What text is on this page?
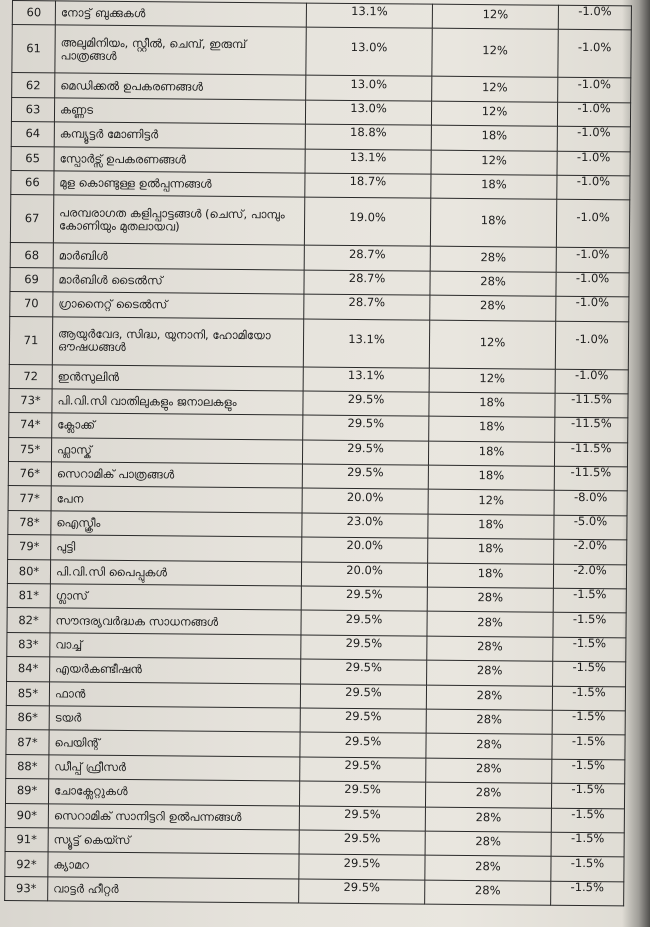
60	നോട്ട് ബുക്കുകൾ	13.1%	12%	-1.0%
61	അലുമിനിയം, സ്റ്റീൽ, ചെമ്പ്, ഇരുമ്പ് പാത്രങ്ങൾ	13.0%	12%	-1.0%
62	മെഡിക്കൽ ഉപകരണങ്ങൾ	13.0%	12%	-1.0%
63	കണ്ണട	13.0%	12%	-1.0%
64	കമ്പ്യൂട്ടർ മോണിട്ടർ	18.8%	18%	-1.0%
65	സ്പോർട്സ് ഉപകരണങ്ങൾ	13.1%	12%	-1.0%
66	മുള കൊണ്ടുള്ള ഉൽപ്പന്നങ്ങൾ	18.7%	18%	-1.0%
67	പരമ്പരാഗത കളിപ്പാട്ടങ്ങൾ (ചെസ്, പാമ്പും കോണിയും മുതലായവ)	19.0%	18%	-1.0%
68	മാർബിൾ	28.7%	28%	-1.0%
69	മാർബിൾ ടൈൽസ്	28.7%	28%	-1.0%
70	ഗ്രാനൈറ്റ് ടൈൽസ്	28.7%	28%	-1.0%
71	ആയുർവേദ, സിദ്ധ, യുനാനി, ഹോമിയോ ഔഷധങ്ങൾ	13.1%	12%	-1.0%
72	ഇൻസുലിൻ	13.1%	12%	-1.0%
73*	പി.വി.സി വാതിലുകളും ജനാലകളും	29.5%	18%	-11.5%
74*	ക്ലോക്ക്	29.5%	18%	-11.5%
75*	ഫ്ലാസ്ക്	29.5%	18%	-11.5%
76*	സെറാമിക് പാത്രങ്ങൾ	29.5%	18%	-11.5%
77*	പേന	20.0%	12%	-8.0%
78*	ഐസ്ക്രീം	23.0%	18%	-5.0%
79*	പുട്ടി	20.0%	18%	-2.0%
80*	പി.വി.സി പൈപ്പുകൾ	20.0%	18%	-2.0%
81*	ഗ്ലാസ്	29.5%	28%	-1.5%
82*	സൗന്ദര്യവർദ്ധക സാധനങ്ങൾ	29.5%	28%	-1.5%
83*	വാച്ച്	29.5%	28%	-1.5%
84*	എയർകണ്ടീഷൻ	29.5%	28%	-1.5%
85*	ഫാൻ	29.5%	28%	-1.5%
86*	ടയർ	29.5%	28%	-1.5%
87*	പെയിന്റ്	29.5%	28%	-1.5%
88*	ഡീപ്പ് ഫ്രീസർ	29.5%	28%	-1.5%
89*	ചോക്ലേറ്റുകൾ	29.5%	28%	-1.5%
90*	സെറാമിക് സാനിട്ടറി ഉൽപന്നങ്ങൾ	29.5%	28%	-1.5%
91*	സ്യൂട്ട് കെയ്സ്	29.5%	28%	-1.5%
92*	ക്യാമറ	29.5%	28%	-1.5%
93*	വാട്ടർ ഹീറ്റർ	29.5%	28%	-1.5%
